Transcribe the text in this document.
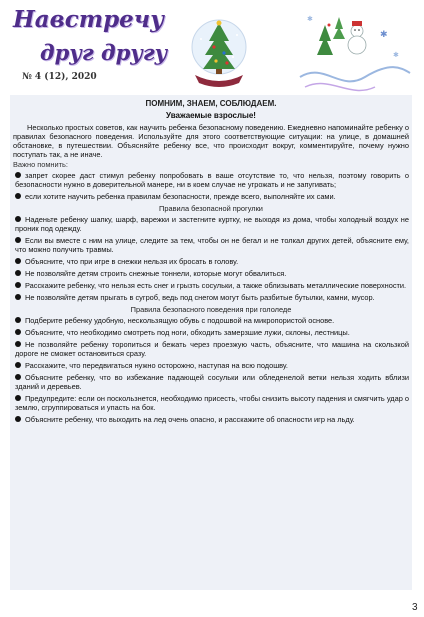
Навстречу
друг другу
№ 4 (12), 2020
✱
✱
✱
ПОМНИМ, ЗНАЕМ, СОБЛЮДАЕМ.
Уважаемые взрослые!
Несколько простых советов, как научить ребенка безопасному поведению. Ежедневно напоминайте ребенку о правилах безопасного поведения. Используйте для этого соответствующие ситуации: на улице, в домашней обстановке, в путешествии. Объясняйте ребенку все, что происходит вокруг, комментируйте, почему нужно поступать так, а не иначе.
Важно помнить:
запрет скорее даст стимул ребенку попробовать в ваше отсутствие то, что нельзя, поэтому говорить о безопасности нужно в доверительной манере, ни в коем случае не угрожать и не запугивать;
если хотите научить ребенка правилам безопасности, прежде всего, выполняйте их сами.
Правила безопасной прогулки
Наденьте ребенку шапку, шарф, варежки и застегните куртку, не выходя из дома, чтобы холодный воздух не проник под одежду.
Если вы вместе с ним на улице, следите за тем, чтобы он не бегал и не толкал других детей, объясните ему, что можно получить травмы.
Объясните, что при игре в снежки нельзя их бросать в голову.
Не позволяйте детям строить снежные тоннели, которые могут обвалиться.
Расскажите ребенку, что нельзя есть снег и грызть сосульки, а также облизывать металлические поверхности.
Не позволяйте детям прыгать в сугроб, ведь под снегом могут быть разбитые бутылки, камни, мусор.
Правила безопасного поведения при гололеде
Подберите ребенку удобную, нескользящую обувь с подошвой на микропористой основе.
Объясните, что необходимо смотреть под ноги, обходить замерзшие лужи, склоны, лестницы.
Не позволяйте ребенку торопиться и бежать через проезжую часть, объясните, что машина на скользкой дороге не сможет остановиться сразу.
Расскажите, что передвигаться нужно осторожно, наступая на всю подошву.
Объясните ребенку, что во избежание падающей сосульки или обледенелой ветки нельзя ходить вблизи зданий и деревьев.
Предупредите: если он поскользнется, необходимо присесть, чтобы снизить высоту падения и смягчить удар о землю, сгруппироваться и упасть на бок.
Объясните ребенку, что выходить на лед очень опасно, и расскажите об опасности игр на льду.
3
